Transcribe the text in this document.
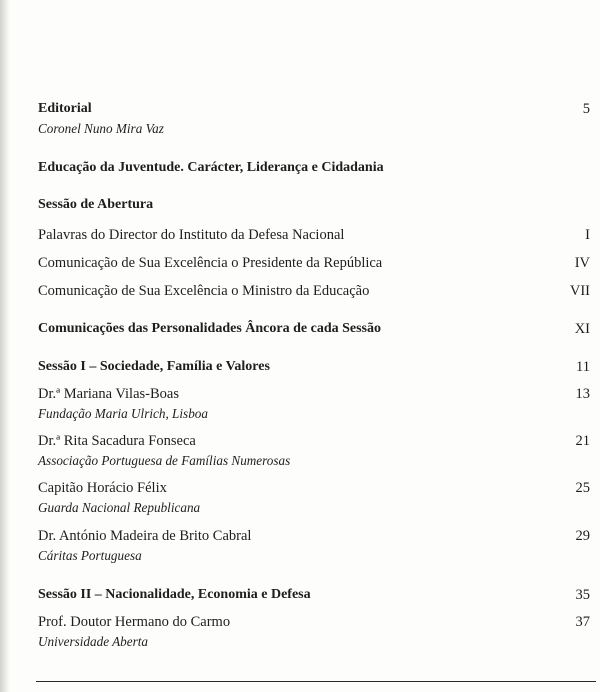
Editorial	5
Coronel Nuno Mira Vaz
Educação da Juventude. Carácter, Liderança e Cidadania
Sessão de Abertura
Palavras do Director do Instituto da Defesa Nacional	I
Comunicação de Sua Excelência o Presidente da República	IV
Comunicação de Sua Excelência o Ministro da Educação	VII
Comunicações das Personalidades Âncora de cada Sessão	XI
Sessão I – Sociedade, Família e Valores	11
Dr.ª Mariana Vilas-Boas	13
Fundação Maria Ulrich, Lisboa
Dr.ª Rita Sacadura Fonseca	21
Associação Portuguesa de Famílias Numerosas
Capitão Horácio Félix	25
Guarda Nacional Republicana
Dr. António Madeira de Brito Cabral	29
Cáritas Portuguesa
Sessão II – Nacionalidade, Economia e Defesa	35
Prof. Doutor Hermano do Carmo	37
Universidade Aberta
